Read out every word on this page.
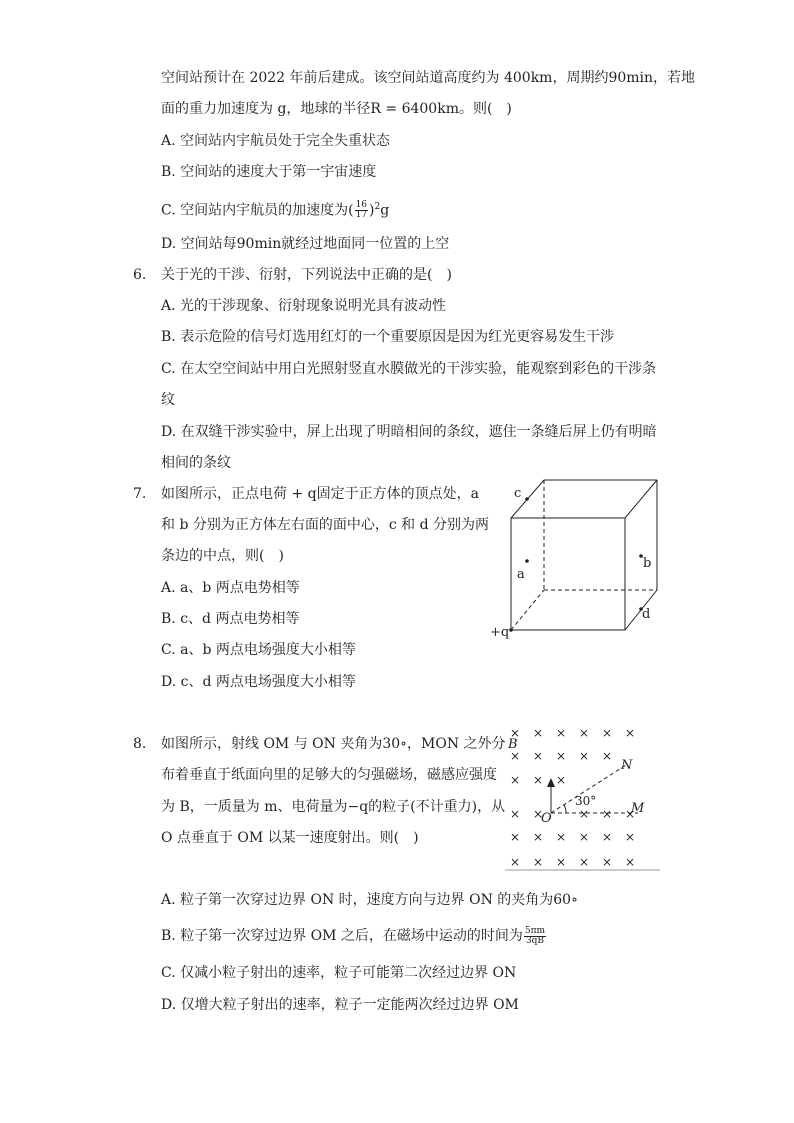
空间站预计在 2022 年前后建成。该空间站道高度约为 400km，周期约90min，若地
面的重力加速度为 g，地球的半径R = 6400km。则(　)
A. 空间站内宇航员处于完全失重状态
B. 空间站的速度大于第一宇宙速度
C. 空间站内宇航员的加速度为( $\frac{16}{17} )^2g$
D. 空间站每90min就经过地面同一位置的上空
6. 关于光的干涉、衍射，下列说法中正确的是(　)
A. 光的干涉现象、衍射现象说明光具有波动性
B. 表示危险的信号灯选用红灯的一个重要原因是因为红光更容易发生干涉
C. 在太空空间站中用白光照射竖直水膜做光的干涉实验，能观察到彩色的干涉条
纹
D. 在双缝干涉实验中，屏上出现了明暗相间的条纹，遮住一条缝后屏上仍有明暗
相间的条纹
7. 如图所示，正点电荷 + q固定于正方体的顶点处，a
和 b 分别为正方体左右面的面中心，c 和 d 分别为两
条边的中点，则(　)
A. a、b 两点电势相等
B. c、d 两点电势相等
C. a、b 两点电场强度大小相等
D. c、d 两点电场强度大小相等
c
a
b
d
+q
8. 如图所示，射线 OM 与 ON 夹角为30∘，MON 之外分
布着垂直于纸面向里的足够大的匀强磁场，磁感应强度
为 B，一质量为 m、电荷量为−q的粒子(不计重力)，从
O 点垂直于 OM 以某一速度射出。则(　)
× × × × × ×
× × × × ×
× × ×
× ×	× × ×
× × × × × ×
× × × × × ×
B
N
M
O
30°
A. 粒子第一次穿过边界 ON 时，速度方向与边界 ON 的夹角为60∘
B. 粒子第一次穿过边界 OM 之后，在磁场中运动的时间为 $\frac{5\pi m}{3qB}$
C. 仅减小粒子射出的速率，粒子可能第二次经过边界 ON
D. 仅增大粒子射出的速率，粒子一定能两次经过边界 OM
